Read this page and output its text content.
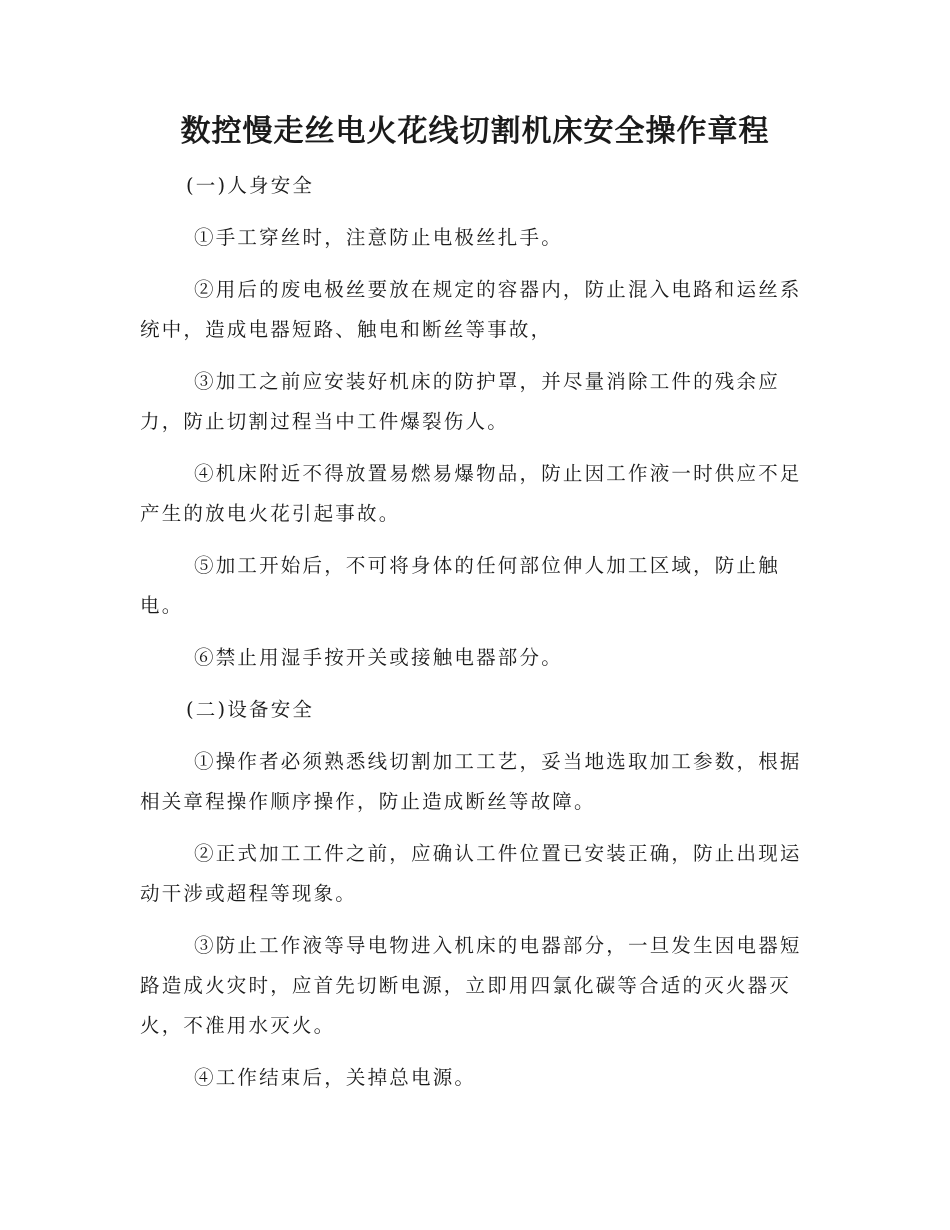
数控慢走丝电火花线切割机床安全操作章程

(一)人身安全

①手工穿丝时，注意防止电极丝扎手。

②用后的废电极丝要放在规定的容器内，防止混入电路和运丝系统中，造成电器短路、触电和断丝等事故，

③加工之前应安装好机床的防护罩，并尽量消除工件的残余应力，防止切割过程当中工件爆裂伤人。

④机床附近不得放置易燃易爆物品，防止因工作液一时供应不足产生的放电火花引起事故。

⑤加工开始后，不可将身体的任何部位伸人加工区域，防止触电。

⑥禁止用湿手按开关或接触电器部分。

(二)设备安全

①操作者必须熟悉线切割加工工艺，妥当地选取加工参数，根据相关章程操作顺序操作，防止造成断丝等故障。

②正式加工工件之前，应确认工件位置已安装正确，防止出现运动干涉或超程等现象。

③防止工作液等导电物进入机床的电器部分，一旦发生因电器短路造成火灾时，应首先切断电源，立即用四氯化碳等合适的灭火器灭火，不准用水灭火。

④工作结束后，关掉总电源。
